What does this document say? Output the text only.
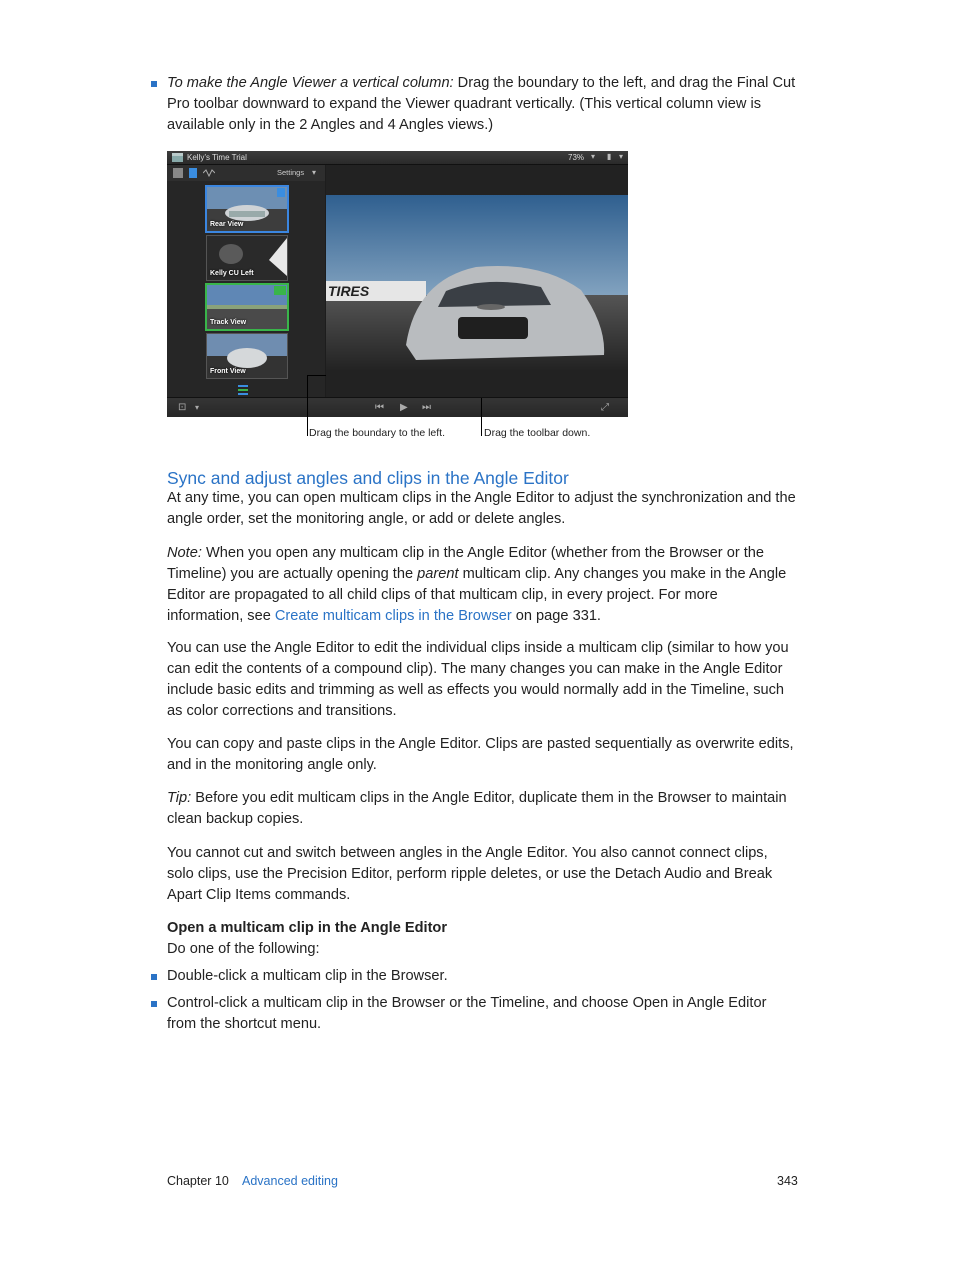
To make the Angle Viewer a vertical column: Drag the boundary to the left, and drag the Final Cut Pro toolbar downward to expand the Viewer quadrant vertically. (This vertical column view is available only in the 2 Angles and 4 Angles views.)

Kelly’s Time Trial	73% ▾ ▮ ▾
Settings ▾
Rear View
Kelly CU Left
Track View
Front View
TIRES
⊡ ▾	⏮ ▶ ⏭	⤢
Drag the boundary to the left.	Drag the toolbar down.
Sync and adjust angles and clips in the Angle Editor

At any time, you can open multicam clips in the Angle Editor to adjust the synchronization and the angle order, set the monitoring angle, or add or delete angles.

Note: When you open any multicam clip in the Angle Editor (whether from the Browser or the Timeline) you are actually opening the parent multicam clip. Any changes you make in the Angle Editor are propagated to all child clips of that multicam clip, in every project. For more information, see Create multicam clips in the Browser on page 331.

You can use the Angle Editor to edit the individual clips inside a multicam clip (similar to how you can edit the contents of a compound clip). The many changes you can make in the Angle Editor include basic edits and trimming as well as effects you would normally add in the Timeline, such as color corrections and transitions.

You can copy and paste clips in the Angle Editor. Clips are pasted sequentially as overwrite edits, and in the monitoring angle only.

Tip: Before you edit multicam clips in the Angle Editor, duplicate them in the Browser to maintain clean backup copies.

You cannot cut and switch between angles in the Angle Editor. You also cannot connect clips, solo clips, use the Precision Editor, perform ripple deletes, or use the Detach Audio and Break Apart Clip Items commands.

Open a multicam clip in the Angle Editor

Do one of the following:

Double-click a multicam clip in the Browser.

Control-click a multicam clip in the Browser or the Timeline, and choose Open in Angle Editor from the shortcut menu.

Chapter 10 Advanced editing	343
